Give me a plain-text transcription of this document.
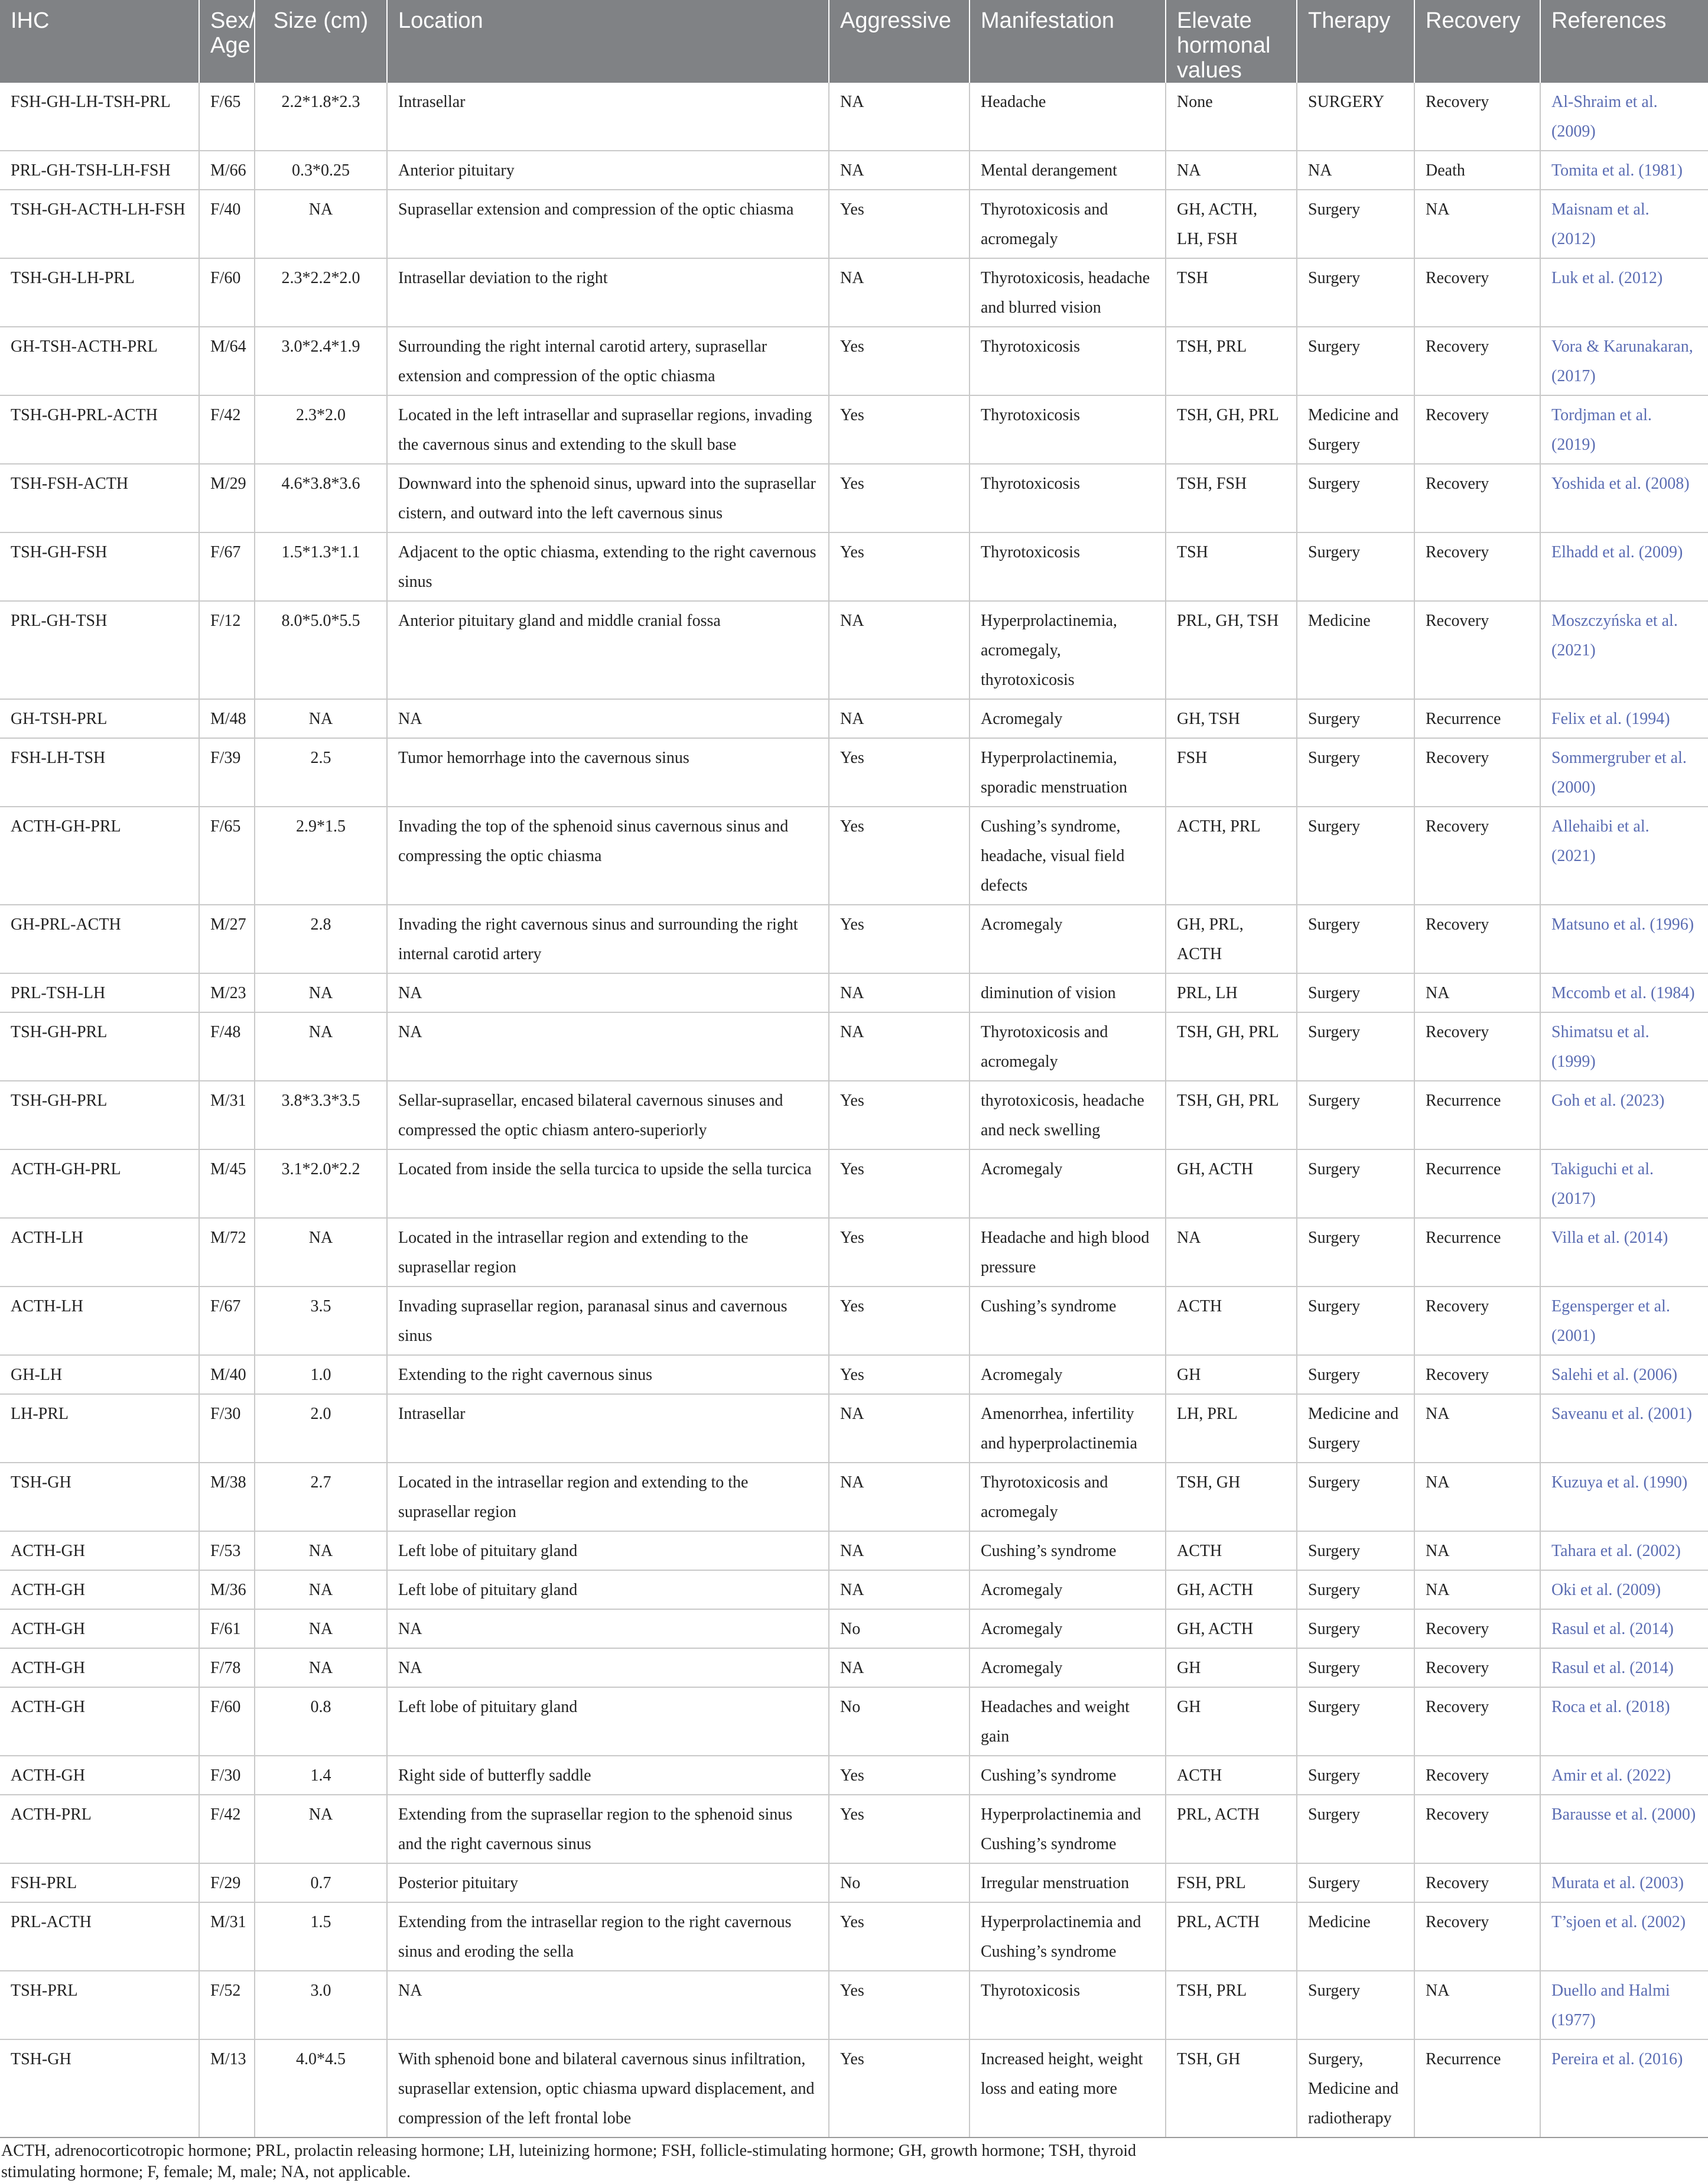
IHC	Sex/ Age	Size (cm)	Location	Aggressive	Manifestation	Elevate hormonal values	Therapy	Recovery	References
FSH-GH-LH-TSH-PRL	F/65	2.2*1.8*2.3	Intrasellar	NA	Headache	None	SURGERY	Recovery	Al-Shraim et al. (2009)
PRL-GH-TSH-LH-FSH	M/66	0.3*0.25	Anterior pituitary	NA	Mental derangement	NA	NA	Death	Tomita et al. (1981)
TSH-GH-ACTH-LH-FSH	F/40	NA	Suprasellar extension and compression of the optic chiasma	Yes	Thyrotoxicosis and acromegaly	GH, ACTH, LH, FSH	Surgery	NA	Maisnam et al. (2012)
TSH-GH-LH-PRL	F/60	2.3*2.2*2.0	Intrasellar deviation to the right	NA	Thyrotoxicosis, headache and blurred vision	TSH	Surgery	Recovery	Luk et al. (2012)
GH-TSH-ACTH-PRL	M/64	3.0*2.4*1.9	Surrounding the right internal carotid artery, suprasellar extension and compression of the optic chiasma	Yes	Thyrotoxicosis	TSH, PRL	Surgery	Recovery	Vora & Karunakaran, (2017)
TSH-GH-PRL-ACTH	F/42	2.3*2.0	Located in the left intrasellar and suprasellar regions, invading the cavernous sinus and extending to the skull base	Yes	Thyrotoxicosis	TSH, GH, PRL	Medicine and Surgery	Recovery	Tordjman et al. (2019)
TSH-FSH-ACTH	M/29	4.6*3.8*3.6	Downward into the sphenoid sinus, upward into the suprasellar cistern, and outward into the left cavernous sinus	Yes	Thyrotoxicosis	TSH, FSH	Surgery	Recovery	Yoshida et al. (2008)
TSH-GH-FSH	F/67	1.5*1.3*1.1	Adjacent to the optic chiasma, extending to the right cavernous sinus	Yes	Thyrotoxicosis	TSH	Surgery	Recovery	Elhadd et al. (2009)
PRL-GH-TSH	F/12	8.0*5.0*5.5	Anterior pituitary gland and middle cranial fossa	NA	Hyperprolactinemia, acromegaly, thyrotoxicosis	PRL, GH, TSH	Medicine	Recovery	Moszczyńska et al. (2021)
GH-TSH-PRL	M/48	NA	NA	NA	Acromegaly	GH, TSH	Surgery	Recurrence	Felix et al. (1994)
FSH-LH-TSH	F/39	2.5	Tumor hemorrhage into the cavernous sinus	Yes	Hyperprolactinemia, sporadic menstruation	FSH	Surgery	Recovery	Sommergruber et al. (2000)
ACTH-GH-PRL	F/65	2.9*1.5	Invading the top of the sphenoid sinus cavernous sinus and compressing the optic chiasma	Yes	Cushing’s syndrome, headache, visual field defects	ACTH, PRL	Surgery	Recovery	Allehaibi et al. (2021)
GH-PRL-ACTH	M/27	2.8	Invading the right cavernous sinus and surrounding the right internal carotid artery	Yes	Acromegaly	GH, PRL, ACTH	Surgery	Recovery	Matsuno et al. (1996)
PRL-TSH-LH	M/23	NA	NA	NA	diminution of vision	PRL, LH	Surgery	NA	Mccomb et al. (1984)
TSH-GH-PRL	F/48	NA	NA	NA	Thyrotoxicosis and acromegaly	TSH, GH, PRL	Surgery	Recovery	Shimatsu et al. (1999)
TSH-GH-PRL	M/31	3.8*3.3*3.5	Sellar-suprasellar, encased bilateral cavernous sinuses and compressed the optic chiasm antero-superiorly	Yes	thyrotoxicosis, headache and neck swelling	TSH, GH, PRL	Surgery	Recurrence	Goh et al. (2023)
ACTH-GH-PRL	M/45	3.1*2.0*2.2	Located from inside the sella turcica to upside the sella turcica	Yes	Acromegaly	GH, ACTH	Surgery	Recurrence	Takiguchi et al. (2017)
ACTH-LH	M/72	NA	Located in the intrasellar region and extending to the suprasellar region	Yes	Headache and high blood pressure	NA	Surgery	Recurrence	Villa et al. (2014)
ACTH-LH	F/67	3.5	Invading suprasellar region, paranasal sinus and cavernous sinus	Yes	Cushing’s syndrome	ACTH	Surgery	Recovery	Egensperger et al. (2001)
GH-LH	M/40	1.0	Extending to the right cavernous sinus	Yes	Acromegaly	GH	Surgery	Recovery	Salehi et al. (2006)
LH-PRL	F/30	2.0	Intrasellar	NA	Amenorrhea, infertility and hyperprolactinemia	LH, PRL	Medicine and Surgery	NA	Saveanu et al. (2001)
TSH-GH	M/38	2.7	Located in the intrasellar region and extending to the suprasellar region	NA	Thyrotoxicosis and acromegaly	TSH, GH	Surgery	NA	Kuzuya et al. (1990)
ACTH-GH	F/53	NA	Left lobe of pituitary gland	NA	Cushing’s syndrome	ACTH	Surgery	NA	Tahara et al. (2002)
ACTH-GH	M/36	NA	Left lobe of pituitary gland	NA	Acromegaly	GH, ACTH	Surgery	NA	Oki et al. (2009)
ACTH-GH	F/61	NA	NA	No	Acromegaly	GH, ACTH	Surgery	Recovery	Rasul et al. (2014)
ACTH-GH	F/78	NA	NA	NA	Acromegaly	GH	Surgery	Recovery	Rasul et al. (2014)
ACTH-GH	F/60	0.8	Left lobe of pituitary gland	No	Headaches and weight gain	GH	Surgery	Recovery	Roca et al. (2018)
ACTH-GH	F/30	1.4	Right side of butterfly saddle	Yes	Cushing’s syndrome	ACTH	Surgery	Recovery	Amir et al. (2022)
ACTH-PRL	F/42	NA	Extending from the suprasellar region to the sphenoid sinus and the right cavernous sinus	Yes	Hyperprolactinemia and Cushing’s syndrome	PRL, ACTH	Surgery	Recovery	Barausse et al. (2000)
FSH-PRL	F/29	0.7	Posterior pituitary	No	Irregular menstruation	FSH, PRL	Surgery	Recovery	Murata et al. (2003)
PRL-ACTH	M/31	1.5	Extending from the intrasellar region to the right cavernous sinus and eroding the sella	Yes	Hyperprolactinemia and Cushing’s syndrome	PRL, ACTH	Medicine	Recovery	T’sjoen et al. (2002)
TSH-PRL	F/52	3.0	NA	Yes	Thyrotoxicosis	TSH, PRL	Surgery	NA	Duello and Halmi (1977)
TSH-GH	M/13	4.0*4.5	With sphenoid bone and bilateral cavernous sinus infiltration, suprasellar extension, optic chiasma upward displacement, and compression of the left frontal lobe	Yes	Increased height, weight loss and eating more	TSH, GH	Surgery, Medicine and radiotherapy	Recurrence	Pereira et al. (2016)
ACTH, adrenocorticotropic hormone; PRL, prolactin releasing hormone; LH, luteinizing hormone; FSH, follicle-stimulating hormone; GH, growth hormone; TSH, thyroid stimulating hormone; F, female; M, male; NA, not applicable.
